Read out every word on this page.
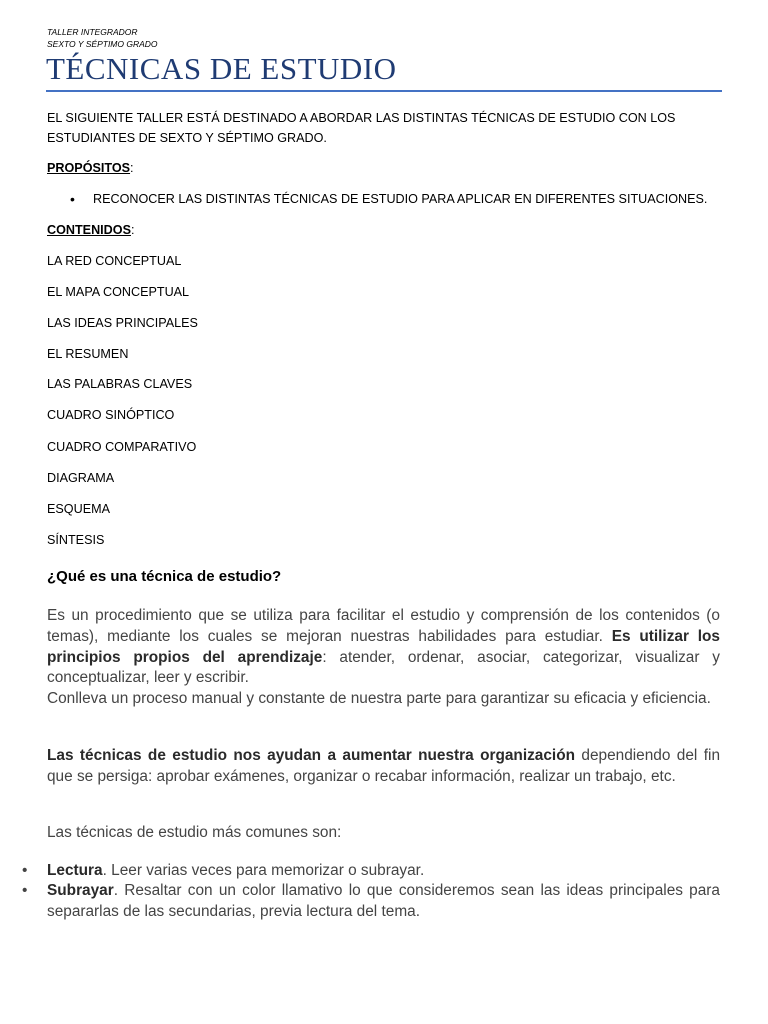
TALLER INTEGRADOR
SEXTO Y SÉPTIMO GRADO
TÉCNICAS DE ESTUDIO

EL SIGUIENTE TALLER ESTÁ DESTINADO A ABORDAR LAS DISTINTAS TÉCNICAS DE ESTUDIO CON LOS ESTUDIANTES DE SEXTO Y SÉPTIMO GRADO.

PROPÓSITOS:
• RECONOCER LAS DISTINTAS TÉCNICAS DE ESTUDIO PARA APLICAR EN DIFERENTES SITUACIONES.
CONTENIDOS:
LA RED CONCEPTUAL
EL MAPA CONCEPTUAL
LAS IDEAS PRINCIPALES
EL RESUMEN
LAS PALABRAS CLAVES
CUADRO SINÓPTICO
CUADRO COMPARATIVO
DIAGRAMA
ESQUEMA
SÍNTESIS
¿Qué es una técnica de estudio?
Es un procedimiento que se utiliza para facilitar el estudio y comprensión de los contenidos (o temas), mediante los cuales se mejoran nuestras habilidades para estudiar. Es utilizar los principios propios del aprendizaje: atender, ordenar, asociar, categorizar, visualizar y conceptualizar, leer y escribir.
Conlleva un proceso manual y constante de nuestra parte para garantizar su eficacia y eficiencia.
Las técnicas de estudio nos ayudan a aumentar nuestra organización dependiendo del fin que se persiga: aprobar exámenes, organizar o recabar información, realizar un trabajo, etc.
Las técnicas de estudio más comunes son:
• Lectura. Leer varias veces para memorizar o subrayar.
• Subrayar. Resaltar con un color llamativo lo que consideremos sean las ideas principales para separarlas de las secundarias, previa lectura del tema.
